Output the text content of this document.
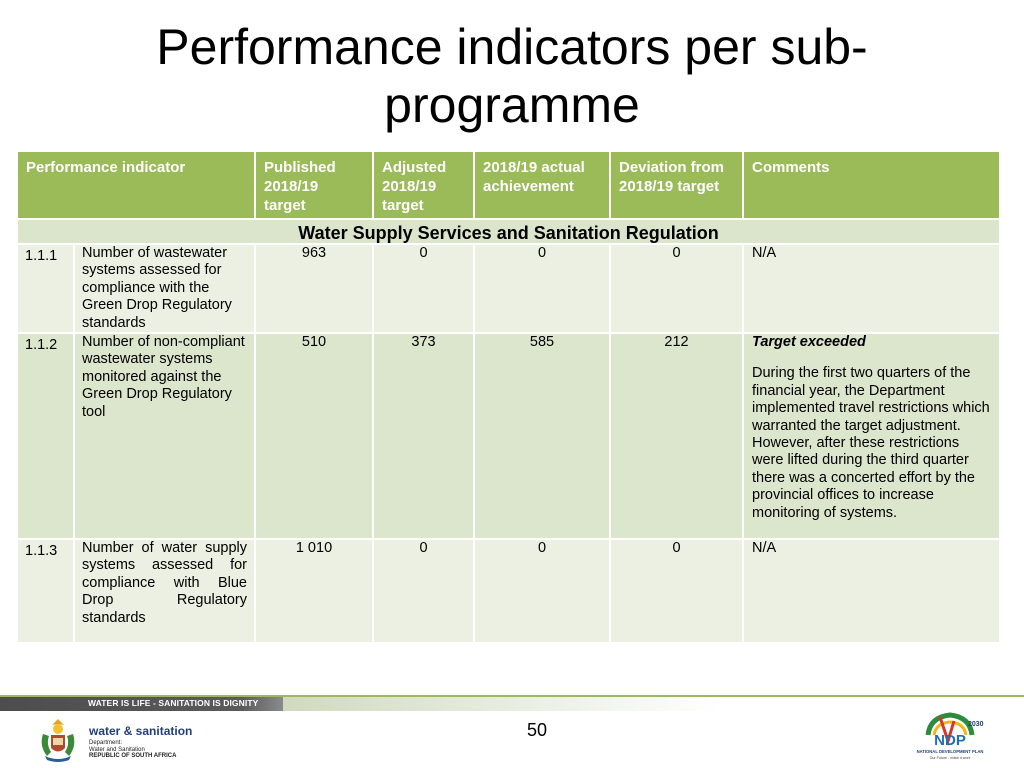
Performance indicators per sub-
programme
Performance indicator		Published 2018/19 target	Adjusted 2018/19 target	2018/19 actual achievement	Deviation from 2018/19 target	Comments
Water Supply Services and Sanitation Regulation						
1.1.1	Number of wastewater systems assessed for compliance with the Green Drop Regulatory standards	963	0	0	0	N/A
1.1.2	Number of non-compliant wastewater systems monitored against the Green Drop Regulatory tool	510	373	585	212	Target exceeded
During the first two quarters of the financial year, the Department implemented travel restrictions which warranted the target adjustment. However, after these restrictions were lifted during the third quarter there was a concerted effort by the provincial offices to increase monitoring of systems.
1.1.3	Number of water supply systems assessed for compliance with Blue Drop Regulatory standards	1 010	0	0	0	N/A
WATER IS LIFE - SANITATION IS DIGNITY
water & sanitation
Department:
Water and Sanitation
REPUBLIC OF SOUTH AFRICA
50	2030
NDP
NATIONAL DEVELOPMENT PLAN
Our Future - make it work
